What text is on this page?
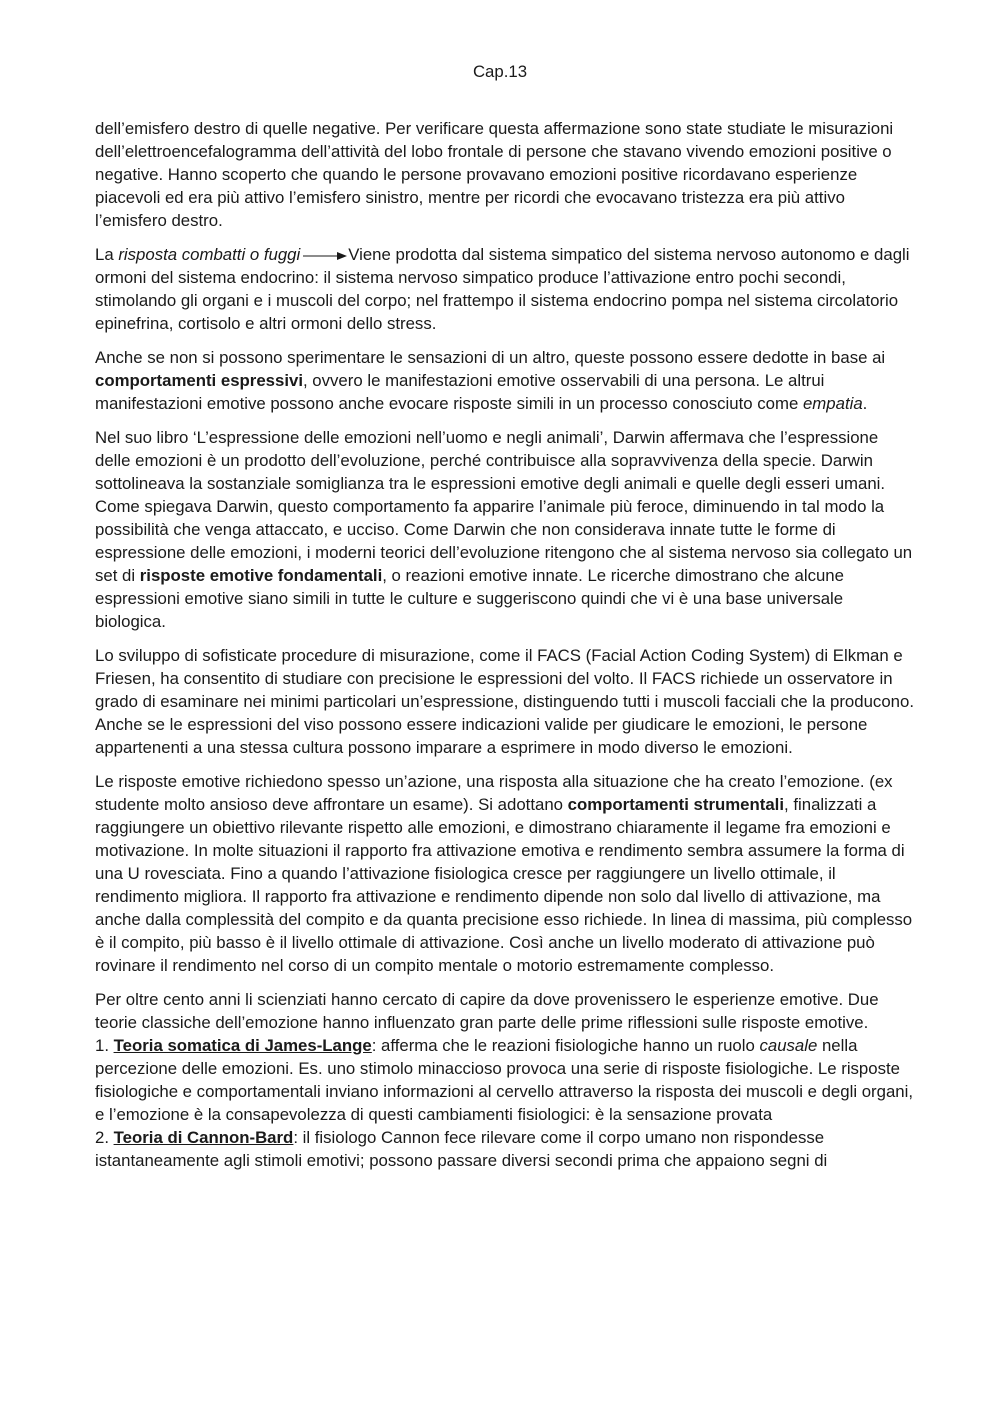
Cap.13

dell’emisfero destro di quelle negative. Per verificare questa affermazione sono state studiate le misurazioni dell’elettroencefalogramma dell’attività del lobo frontale di persone che stavano vivendo emozioni positive o negative. Hanno scoperto che quando le persone provavano emozioni positive ricordavano esperienze piacevoli ed era più attivo l’emisfero sinistro, mentre per ricordi che evocavano tristezza era più attivo l’emisfero destro.

La risposta combatti o fuggi	Viene prodotta dal sistema simpatico del sistema nervoso autonomo e dagli ormoni del sistema endocrino: il sistema nervoso simpatico produce l’attivazione entro pochi secondi, stimolando gli organi e i muscoli del corpo; nel frattempo il sistema endocrino pompa nel sistema circolatorio epinefrina, cortisolo e altri ormoni dello stress.

Anche se non si possono sperimentare le sensazioni di un altro, queste possono essere dedotte in base ai comportamenti espressivi, ovvero le manifestazioni emotive osservabili di una persona. Le altrui manifestazioni emotive possono anche evocare risposte simili in un processo conosciuto come empatia.

Nel suo libro ‘L’espressione delle emozioni nell’uomo e negli animali’, Darwin affermava che l’espressione delle emozioni è un prodotto dell’evoluzione, perché contribuisce alla sopravvivenza della specie. Darwin sottolineava la sostanziale somiglianza tra le espressioni emotive degli animali e quelle degli esseri umani. Come spiegava Darwin, questo comportamento fa apparire l’animale più feroce, diminuendo in tal modo la possibilità che venga attaccato, e ucciso. Come Darwin che non considerava innate tutte le forme di espressione delle emozioni, i moderni teorici dell’evoluzione ritengono che al sistema nervoso sia collegato un set di risposte emotive fondamentali, o reazioni emotive innate. Le ricerche dimostrano che alcune espressioni emotive siano simili in tutte le culture e suggeriscono quindi che vi è una base universale biologica.

Lo sviluppo di sofisticate procedure di misurazione, come il FACS (Facial Action Coding System) di Elkman e Friesen, ha consentito di studiare con precisione le espressioni del volto. Il FACS richiede un osservatore in grado di esaminare nei minimi particolari un’espressione, distinguendo tutti i muscoli facciali che la producono. Anche se le espressioni del viso possono essere indicazioni valide per giudicare le emozioni, le persone appartenenti a una stessa cultura possono imparare a esprimere in modo diverso le emozioni.

Le risposte emotive richiedono spesso un’azione, una risposta alla situazione che ha creato l’emozione. (ex studente molto ansioso deve affrontare un esame). Si adottano comportamenti strumentali, finalizzati a raggiungere un obiettivo rilevante rispetto alle emozioni, e dimostrano chiaramente il legame fra emozioni e motivazione. In molte situazioni il rapporto fra attivazione emotiva e rendimento sembra assumere la forma di una U rovesciata. Fino a quando l’attivazione fisiologica cresce per raggiungere un livello ottimale, il rendimento migliora. Il rapporto fra attivazione e rendimento dipende non solo dal livello di attivazione, ma anche dalla complessità del compito e da quanta precisione esso richiede. In linea di massima, più complesso è il compito, più basso è il livello ottimale di attivazione. Così anche un livello moderato di attivazione può rovinare il rendimento nel corso di un compito mentale o motorio estremamente complesso.

Per oltre cento anni li scienziati hanno cercato di capire da dove provenissero le esperienze emotive. Due teorie classiche dell’emozione hanno influenzato gran parte delle prime riflessioni sulle risposte emotive.
1. Teoria somatica di James-Lange: afferma che le reazioni fisiologiche hanno un ruolo causale nella percezione delle emozioni. Es. uno stimolo minaccioso provoca una serie di risposte fisiologiche. Le risposte fisiologiche e comportamentali inviano informazioni al cervello attraverso la risposta dei muscoli e degli organi, e l’emozione è la consapevolezza di questi cambiamenti fisiologici: è la sensazione provata
2. Teoria di Cannon-Bard: il fisiologo Cannon fece rilevare come il corpo umano non rispondesse istantaneamente agli stimoli emotivi; possono passare diversi secondi prima che appaiono segni di
